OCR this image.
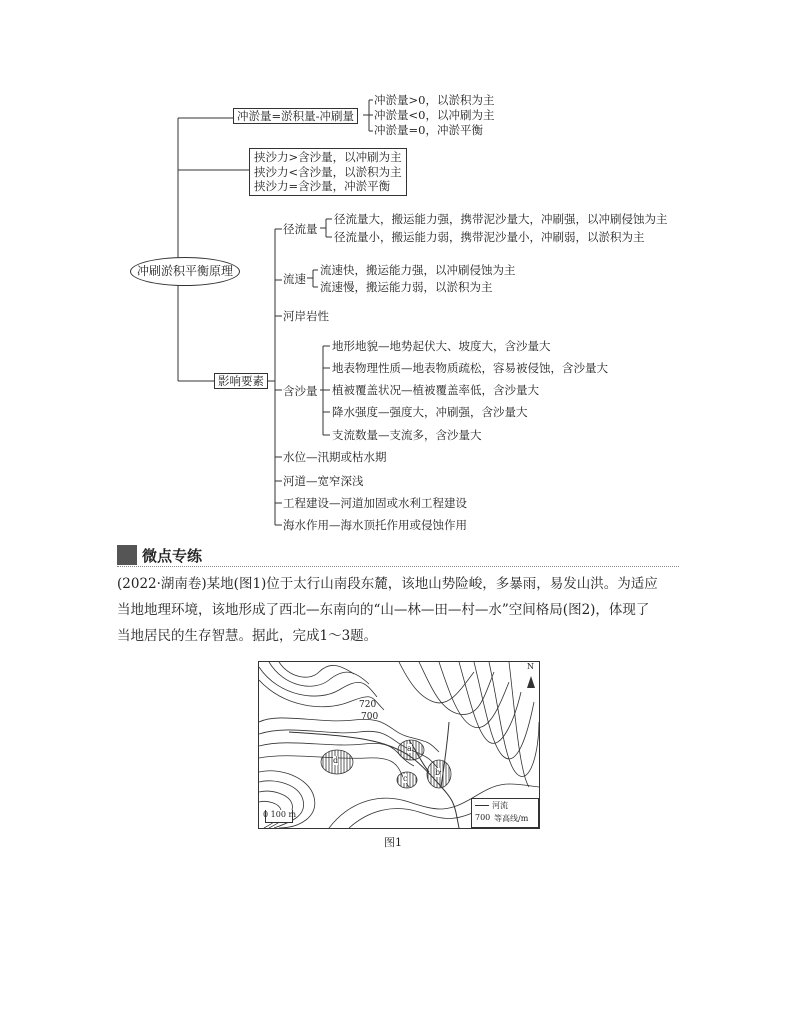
冲刷淤积平衡原理
冲淤量=淤积量-冲刷量
冲淤量>0，以淤积为主
冲淤量<0，以冲刷为主
冲淤量=0，冲淤平衡
挟沙力>含沙量，以冲刷为主
挟沙力<含沙量，以淤积为主
挟沙力=含沙量，冲淤平衡
影响要素
径流量
径流量大，搬运能力强，携带泥沙量大，冲刷强，以冲刷侵蚀为主
径流量小，搬运能力弱，携带泥沙量小，冲刷弱，以淤积为主
流速
流速快，搬运能力强，以冲刷侵蚀为主
流速慢，搬运能力弱，以淤积为主
河岸岩性
含沙量
地形地貌—地势起伏大、坡度大，含沙量大
地表物理性质—地表物质疏松，容易被侵蚀，含沙量大
植被覆盖状况—植被覆盖率低，含沙量大
降水强度—强度大，冲刷强，含沙量大
支流数量—支流多，含沙量大
水位—汛期或枯水期
河道—宽窄深浅
工程建设—河道加固或水利工程建设
海水作用—海水顶托作用或侵蚀作用
微点专练
(2022·湖南卷)某地(图1)位于太行山南段东麓，该地山势险峻，多暴雨，易发山洪。为适应
当地地理环境，该地形成了西北—东南向的“山—林—田—村—水”空间格局(图2)，体现了
当地居民的生存智慧。据此，完成1～3题。
N
720
700
a
b
c
d
0 100 m
河流
700 等高线/m
图1
